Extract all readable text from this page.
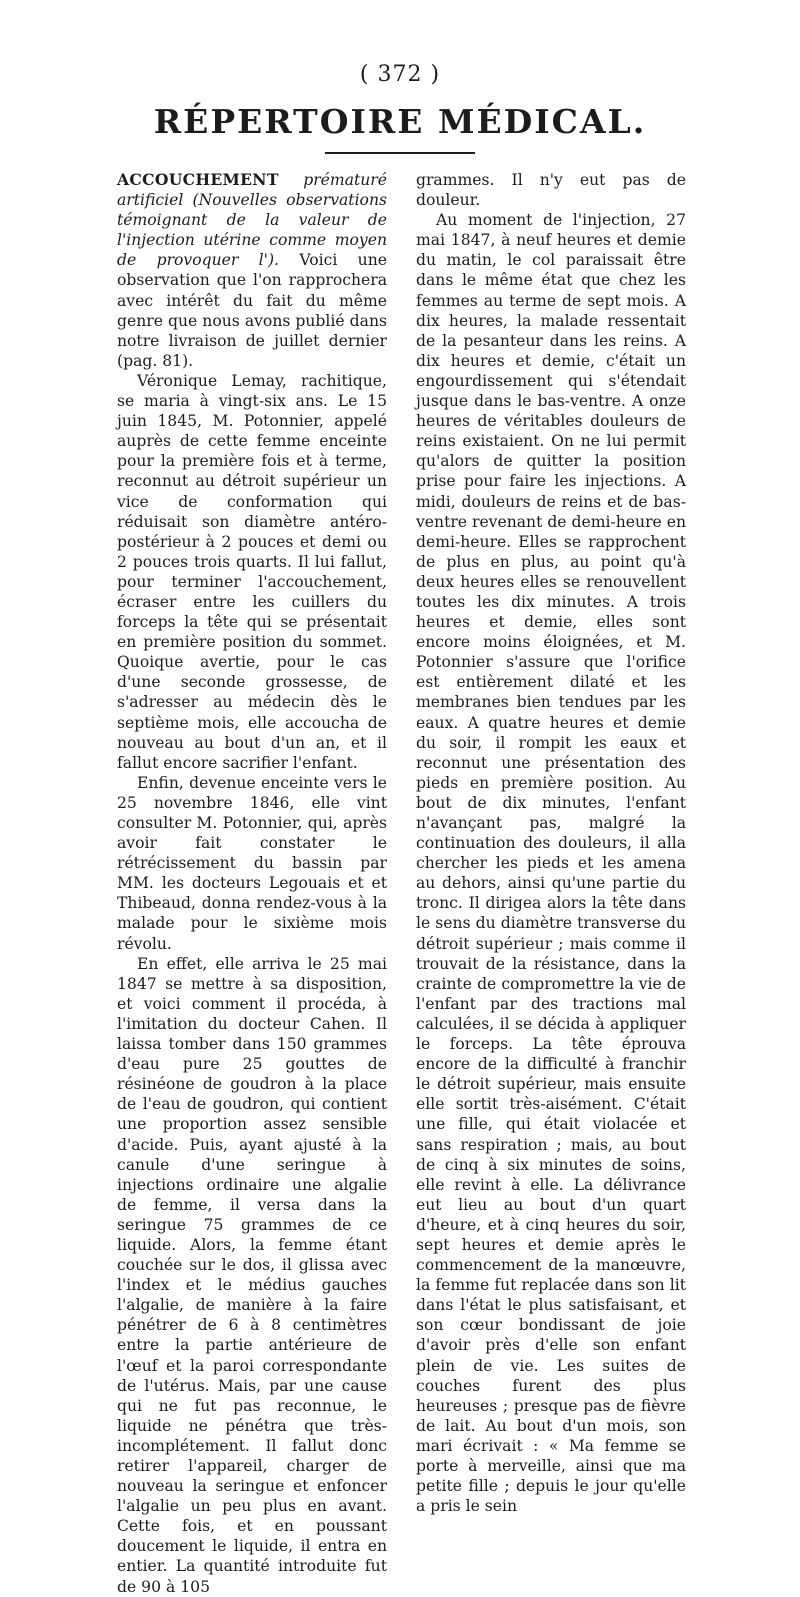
( 372 )
RÉPERTOIRE MÉDICAL.

ACCOUCHEMENT prématuré artificiel (Nouvelles observations témoignant de la valeur de l'injection utérine comme moyen de provoquer l'). Voici une observation que l'on rapprochera avec intérêt du fait du même genre que nous avons publié dans notre livraison de juillet dernier (pag. 81).

Véronique Lemay, rachitique, se maria à vingt-six ans. Le 15 juin 1845, M. Potonnier, appelé auprès de cette femme enceinte pour la première fois et à terme, reconnut au détroit supérieur un vice de conformation qui réduisait son diamètre antéro-postérieur à 2 pouces et demi ou 2 pouces trois quarts. Il lui fallut, pour terminer l'accouchement, écraser entre les cuillers du forceps la tête qui se présentait en première position du sommet. Quoique avertie, pour le cas d'une seconde grossesse, de s'adresser au médecin dès le septième mois, elle accoucha de nouveau au bout d'un an, et il fallut encore sacrifier l'enfant.

Enfin, devenue enceinte vers le 25 novembre 1846, elle vint consulter M. Potonnier, qui, après avoir fait constater le rétrécissement du bassin par MM. les docteurs Legouais et et Thibeaud, donna rendez-vous à la malade pour le sixième mois révolu.

En effet, elle arriva le 25 mai 1847 se mettre à sa disposition, et voici comment il procéda, à l'imitation du docteur Cahen. Il laissa tomber dans 150 grammes d'eau pure 25 gouttes de résinéone de goudron à la place de l'eau de goudron, qui contient une proportion assez sensible d'acide. Puis, ayant ajusté à la canule d'une seringue à injections ordinaire une algalie de femme, il versa dans la seringue 75 grammes de ce liquide. Alors, la femme étant couchée sur le dos, il glissa avec l'index et le médius gauches l'algalie, de manière à la faire pénétrer de 6 à 8 centimètres entre la partie antérieure de l'œuf et la paroi correspondante de l'utérus. Mais, par une cause qui ne fut pas reconnue, le liquide ne pénétra que très-incomplétement. Il fallut donc retirer l'appareil, charger de nouveau la seringue et enfoncer l'algalie un peu plus en avant. Cette fois, et en poussant doucement le liquide, il entra en entier. La quantité introduite fut de 90 à 105

grammes. Il n'y eut pas de douleur.

Au moment de l'injection, 27 mai 1847, à neuf heures et demie du matin, le col paraissait être dans le même état que chez les femmes au terme de sept mois. A dix heures, la malade ressentait de la pesanteur dans les reins. A dix heures et demie, c'était un engourdissement qui s'étendait jusque dans le bas-ventre. A onze heures de véritables douleurs de reins existaient. On ne lui permit qu'alors de quitter la position prise pour faire les injections. A midi, douleurs de reins et de bas-ventre revenant de demi-heure en demi-heure. Elles se rapprochent de plus en plus, au point qu'à deux heures elles se renouvellent toutes les dix minutes. A trois heures et demie, elles sont encore moins éloignées, et M. Potonnier s'assure que l'orifice est entièrement dilaté et les membranes bien tendues par les eaux. A quatre heures et demie du soir, il rompit les eaux et reconnut une présentation des pieds en première position. Au bout de dix minutes, l'enfant n'avançant pas, malgré la continuation des douleurs, il alla chercher les pieds et les amena au dehors, ainsi qu'une partie du tronc. Il dirigea alors la tête dans le sens du diamètre transverse du détroit supérieur ; mais comme il trouvait de la résistance, dans la crainte de compromettre la vie de l'enfant par des tractions mal calculées, il se décida à appliquer le forceps. La tête éprouva encore de la difficulté à franchir le détroit supérieur, mais ensuite elle sortit très-aisément. C'était une fille, qui était violacée et sans respiration ; mais, au bout de cinq à six minutes de soins, elle revint à elle. La délivrance eut lieu au bout d'un quart d'heure, et à cinq heures du soir, sept heures et demie après le commencement de la manœuvre, la femme fut replacée dans son lit dans l'état le plus satisfaisant, et son cœur bondissant de joie d'avoir près d'elle son enfant plein de vie. Les suites de couches furent des plus heureuses ; presque pas de fièvre de lait. Au bout d'un mois, son mari écrivait : « Ma femme se porte à merveille, ainsi que ma petite fille ; depuis le jour qu'elle a pris le sein
